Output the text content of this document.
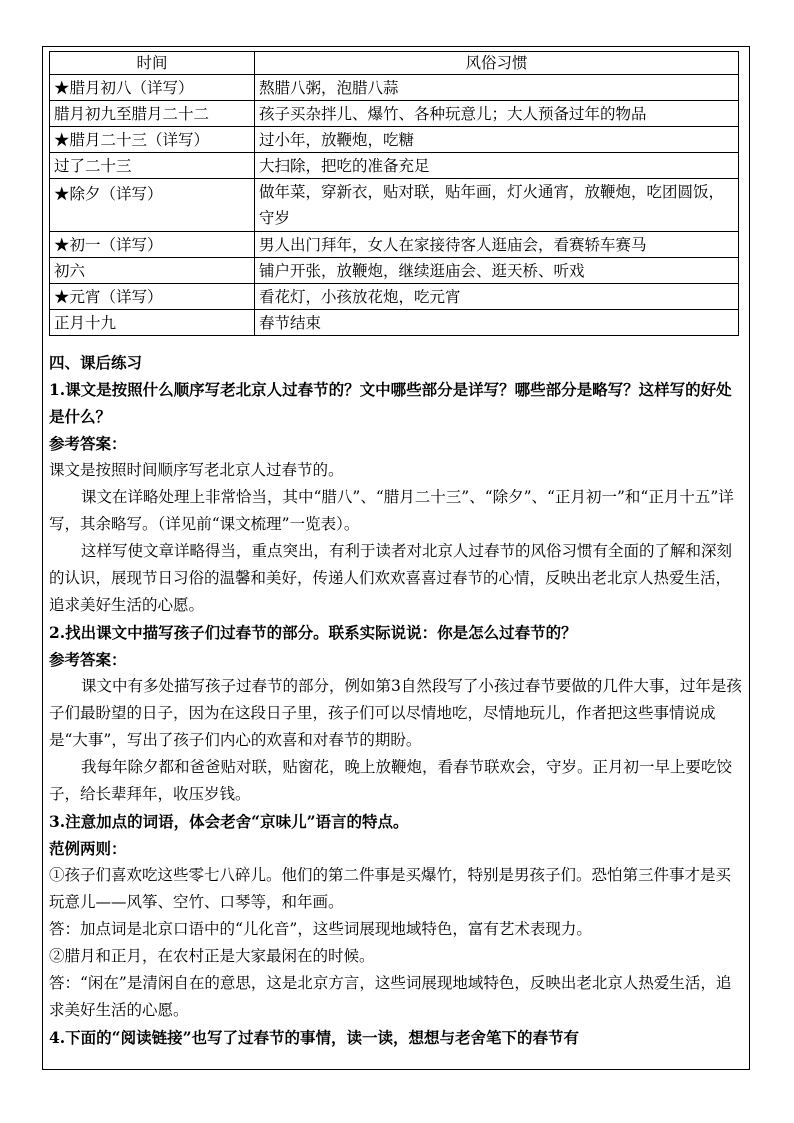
时间	风俗习惯
★腊月初八（详写）	熬腊八粥，泡腊八蒜
腊月初九至腊月二十二	孩子买杂拌儿、爆竹、各种玩意儿；大人预备过年的物品
★腊月二十三（详写）	过小年，放鞭炮，吃糖
过了二十三	大扫除，把吃的准备充足
★除夕（详写）	做年菜，穿新衣，贴对联，贴年画，灯火通宵，放鞭炮，吃团圆饭，守岁
★初一（详写）	男人出门拜年，女人在家接待客人逛庙会，看赛轿车赛马
初六	铺户开张，放鞭炮，继续逛庙会、逛天桥、听戏
★元宵（详写）	看花灯，小孩放花炮，吃元宵
正月十九	春节结束

四、课后练习

1.课文是按照什么顺序写老北京人过春节的？文中哪些部分是详写？哪些部分是略写？这样写的好处是什么？

参考答案：

课文是按照时间顺序写老北京人过春节的。

课文在详略处理上非常恰当，其中“腊八”、“腊月二十三”、“除夕”、“正月初一”和“正月十五”详写，其余略写。（详见前“课文梳理”一览表）。

这样写使文章详略得当，重点突出，有利于读者对北京人过春节的风俗习惯有全面的了解和深刻的认识，展现节日习俗的温馨和美好，传递人们欢欢喜喜过春节的心情，反映出老北京人热爱生活，追求美好生活的心愿。

2.找出课文中描写孩子们过春节的部分。联系实际说说：你是怎么过春节的？

参考答案：

课文中有多处描写孩子过春节的部分，例如第3自然段写了小孩过春节要做的几件大事，过年是孩子们最盼望的日子，因为在这段日子里，孩子们可以尽情地吃，尽情地玩儿，作者把这些事情说成是“大事”，写出了孩子们内心的欢喜和对春节的期盼。

我每年除夕都和爸爸贴对联，贴窗花，晚上放鞭炮，看春节联欢会，守岁。正月初一早上要吃饺子，给长辈拜年，收压岁钱。

3.注意加点的词语，体会老舍“京味儿”语言的特点。

范例两则：

①孩子们喜欢吃这些零七八碎儿。他们的第二件事是买爆竹，特别是男孩子们。恐怕第三件事才是买玩意儿——风筝、空竹、口琴等，和年画。

答：加点词是北京口语中的“儿化音”，这些词展现地域特色，富有艺术表现力。

②腊月和正月，在农村正是大家最闲在的时候。

答：“闲在”是清闲自在的意思，这是北京方言，这些词展现地域特色，反映出老北京人热爱生活，追求美好生活的心愿。

4.下面的“阅读链接”也写了过春节的事情，读一读，想想与老舍笔下的春节有
